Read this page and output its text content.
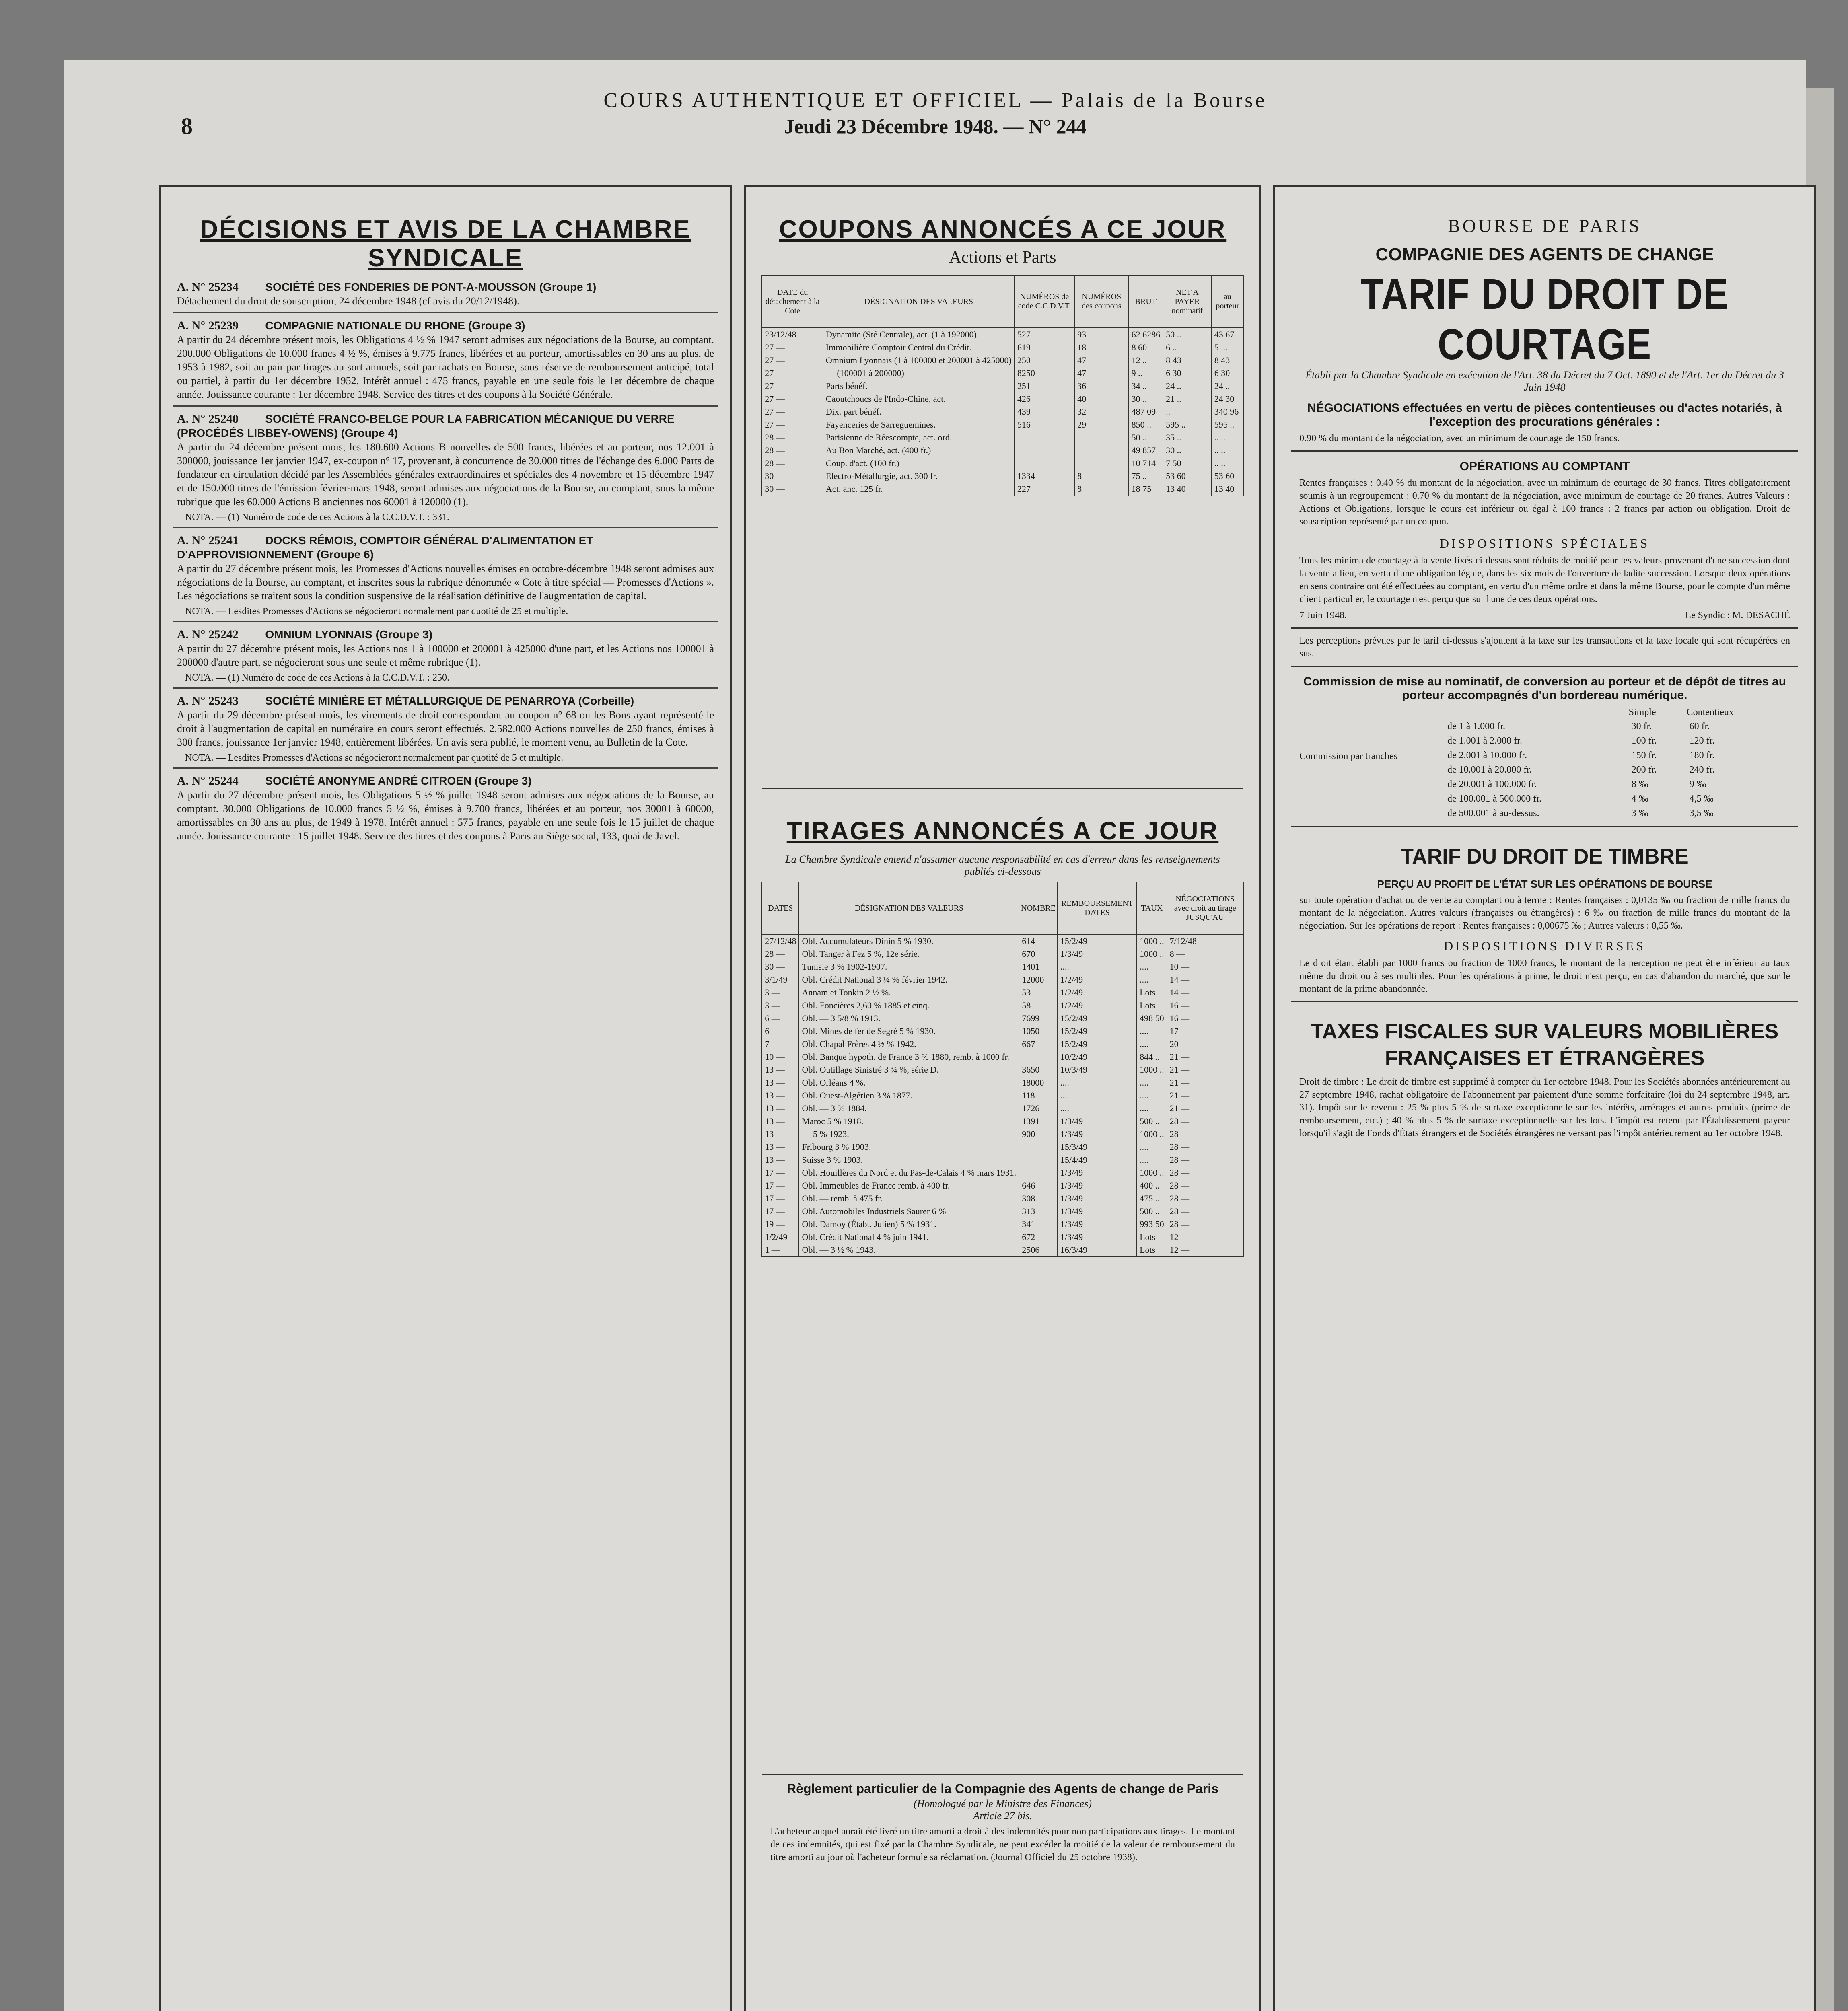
8
COURS AUTHENTIQUE ET OFFICIEL — Palais de la Bourse
Jeudi 23 Décembre 1948. — N° 244
DÉCISIONS ET AVIS DE LA CHAMBRE SYNDICALE
A. N° 25234 SOCIÉTÉ DES FONDERIES DE PONT-A-MOUSSON (Groupe 1)
Détachement du droit de souscription, 24 décembre 1948 (cf avis du 20/12/1948).
A. N° 25239 COMPAGNIE NATIONALE DU RHONE (Groupe 3)
A partir du 24 décembre présent mois, les Obligations 4 ½ % 1947 seront admises aux négociations de la Bourse, au comptant. 200.000 Obligations de 10.000 francs 4 ½ %, émises à 9.775 francs, libérées et au porteur, amortissables en 30 ans au plus, de 1953 à 1982, soit au pair par tirages au sort annuels, soit par rachats en Bourse, sous réserve de remboursement anticipé, total ou partiel, à partir du 1er décembre 1952. Intérêt annuel : 475 francs, payable en une seule fois le 1er décembre de chaque année. Jouissance courante : 1er décembre 1948. Service des titres et des coupons à la Société Générale.
A. N° 25240 SOCIÉTÉ FRANCO-BELGE POUR LA FABRICATION MÉCANIQUE DU VERRE (PROCÉDÉS LIBBEY-OWENS) (Groupe 4)
A partir du 24 décembre présent mois, les 180.600 Actions B nouvelles de 500 francs, libérées et au porteur, nos 12.001 à 300000, jouissance 1er janvier 1947, ex-coupon n° 17, provenant, à concurrence de 30.000 titres de l'échange des 6.000 Parts de fondateur en circulation décidé par les Assemblées générales extraordinaires et spéciales des 4 novembre et 15 décembre 1947 et de 150.000 titres de l'émission février-mars 1948, seront admises aux négociations de la Bourse, au comptant, sous la même rubrique que les 60.000 Actions B anciennes nos 60001 à 120000 (1).
NOTA. — (1) Numéro de code de ces Actions à la C.C.D.V.T. : 331.
A. N° 25241 DOCKS RÉMOIS, COMPTOIR GÉNÉRAL D'ALIMENTATION ET D'APPROVISIONNEMENT (Groupe 6)
A partir du 27 décembre présent mois, les Promesses d'Actions nouvelles émises en octobre-décembre 1948 seront admises aux négociations de la Bourse, au comptant, et inscrites sous la rubrique dénommée « Cote à titre spécial — Promesses d'Actions ». Les négociations se traitent sous la condition suspensive de la réalisation définitive de l'augmentation de capital.
NOTA. — Lesdites Promesses d'Actions se négocieront normalement par quotité de 25 et multiple.
A. N° 25242 OMNIUM LYONNAIS (Groupe 3)
A partir du 27 décembre présent mois, les Actions nos 1 à 100000 et 200001 à 425000 d'une part, et les Actions nos 100001 à 200000 d'autre part, se négocieront sous une seule et même rubrique (1).
NOTA. — (1) Numéro de code de ces Actions à la C.C.D.V.T. : 250.
A. N° 25243 SOCIÉTÉ MINIÈRE ET MÉTALLURGIQUE DE PENARROYA (Corbeille)
A partir du 29 décembre présent mois, les virements de droit correspondant au coupon n° 68 ou les Bons ayant représenté le droit à l'augmentation de capital en numéraire en cours seront effectués. 2.582.000 Actions nouvelles de 250 francs, émises à 300 francs, jouissance 1er janvier 1948, entièrement libérées. Un avis sera publié, le moment venu, au Bulletin de la Cote.
NOTA. — Lesdites Promesses d'Actions se négocieront normalement par quotité de 5 et multiple.
A. N° 25244 SOCIÉTÉ ANONYME ANDRÉ CITROEN (Groupe 3)
A partir du 27 décembre présent mois, les Obligations 5 ½ % juillet 1948 seront admises aux négociations de la Bourse, au comptant. 30.000 Obligations de 10.000 francs 5 ½ %, émises à 9.700 francs, libérées et au porteur, nos 30001 à 60000, amortissables en 30 ans au plus, de 1949 à 1978. Intérêt annuel : 575 francs, payable en une seule fois le 15 juillet de chaque année. Jouissance courante : 15 juillet 1948. Service des titres et des coupons à Paris au Siège social, 133, quai de Javel.
COUPONS ANNONCÉS A CE JOUR
Actions et Parts
DATE du détachement à la Cote	DÉSIGNATION DES VALEURS	NUMÉROS de code C.C.D.V.T.	NUMÉROS des coupons	BRUT	NET A PAYER nominatif	au porteur
23/12/48	Dynamite (Sté Centrale), act. (1 à 192000).	527	93	62 6286	50 ..	43 67
27 —	Immobilière Comptoir Central du Crédit.	619	18	8 60	6 ..	5 ...
27 —	Omnium Lyonnais (1 à 100000 et 200001 à 425000)	250	47	12 ..	8 43	8 43
27 —	— (100001 à 200000)	8250	47	9 ..	6 30	6 30
27 —	Parts bénéf.	251	36	34 ..	24 ..	24 ..
27 —	Caoutchoucs de l'Indo-Chine, act.	426	40	30 ..	21 ..	24 30
27 —	Dix. part bénéf.	439	32	487 09	..	340 96
27 —	Fayenceries de Sarreguemines.	516	29	850 ..	595 ..	595 ..
28 —	Parisienne de Réescompte, act. ord.			50 ..	35 ..	.. ..
28 —	Au Bon Marché, act. (400 fr.)			49 857	30 ..	.. ..
28 —	Coup. d'act. (100 fr.)			10 714	7 50	.. ..
30 —	Electro-Métallurgie, act. 300 fr.	1334	8	75 ..	53 60	53 60
30 —	Act. anc. 125 fr.	227	8	18 75	13 40	13 40
TIRAGES ANNONCÉS A CE JOUR
La Chambre Syndicale entend n'assumer aucune responsabilité en cas d'erreur dans les renseignements publiés ci-dessous
DATES	DÉSIGNATION DES VALEURS	NOMBRE	REMBOURSEMENT DATES	TAUX	NÉGOCIATIONS avec droit au tirage JUSQU'AU
27/12/48	Obl. Accumulateurs Dinin 5 % 1930.	614	15/2/49	1000 ..	7/12/48
28 —	Obl. Tanger à Fez 5 %, 12e série.	670	1/3/49	1000 ..	8 —
30 —	Tunisie 3 % 1902-1907.	1401	....	....	10 —
3/1/49	Obl. Crédit National 3 ¼ % février 1942.	12000	1/2/49	....	14 —
3 —	Annam et Tonkin 2 ½ %.	53	1/2/49	Lots	14 —
3 —	Obl. Foncières 2,60 % 1885 et cinq.	58	1/2/49	Lots	16 —
6 —	Obl. — 3 5/8 % 1913.	7699	15/2/49	498 50	16 —
6 —	Obl. Mines de fer de Segré 5 % 1930.	1050	15/2/49	....	17 —
7 —	Obl. Chapal Frères 4 ½ % 1942.	667	15/2/49	....	20 —
10 —	Obl. Banque hypoth. de France 3 % 1880, remb. à 1000 fr.		10/2/49	844 ..	21 —
13 —	Obl. Outillage Sinistré 3 ¾ %, série D.	3650	10/3/49	1000 ..	21 —
13 —	Obl. Orléans 4 %.	18000	....	....	21 —
13 —	Obl. Ouest-Algérien 3 % 1877.	118	....	....	21 —
13 —	Obl. — 3 % 1884.	1726	....	....	21 —
13 —	Maroc 5 % 1918.	1391	1/3/49	500 ..	28 —
13 —	— 5 % 1923.	900	1/3/49	1000 ..	28 —
13 —	Fribourg 3 % 1903.		15/3/49	....	28 —
13 —	Suisse 3 % 1903.		15/4/49	....	28 —
17 —	Obl. Houillères du Nord et du Pas-de-Calais 4 % mars 1931.		1/3/49	1000 ..	28 —
17 —	Obl. Immeubles de France remb. à 400 fr.	646	1/3/49	400 ..	28 —
17 —	Obl. — remb. à 475 fr.	308	1/3/49	475 ..	28 —
17 —	Obl. Automobiles Industriels Saurer 6 %	313	1/3/49	500 ..	28 —
19 —	Obl. Damoy (Étabt. Julien) 5 % 1931.	341	1/3/49	993 50	28 —
1/2/49	Obl. Crédit National 4 % juin 1941.	672	1/3/49	Lots	12 —
1 —	Obl. — 3 ½ % 1943.	2506	16/3/49	Lots	12 —
Règlement particulier de la Compagnie des Agents de change de Paris
(Homologué par le Ministre des Finances)
Article 27 bis.
L'acheteur auquel aurait été livré un titre amorti a droit à des indemnités pour non participations aux tirages. Le montant de ces indemnités, qui est fixé par la Chambre Syndicale, ne peut excéder la moitié de la valeur de remboursement du titre amorti au jour où l'acheteur formule sa réclamation. (Journal Officiel du 25 octobre 1938).
BOURSE DE PARIS
COMPAGNIE DES AGENTS DE CHANGE
TARIF DU DROIT DE COURTAGE
Établi par la Chambre Syndicale en exécution de l'Art. 38 du Décret du 7 Oct. 1890 et de l'Art. 1er du Décret du 3 Juin 1948
NÉGOCIATIONS effectuées en vertu de pièces contentieuses ou d'actes notariés, à l'exception des procurations générales :
0.90 % du montant de la négociation, avec un minimum de courtage de 150 francs.
OPÉRATIONS AU COMPTANT
Rentes françaises : 0.40 % du montant de la négociation, avec un minimum de courtage de 30 francs. Titres obligatoirement soumis à un regroupement : 0.70 % du montant de la négociation, avec minimum de courtage de 20 francs. Autres Valeurs : Actions et Obligations, lorsque le cours est inférieur ou égal à 100 francs : 2 francs par action ou obligation. Droit de souscription représenté par un coupon.
DISPOSITIONS SPÉCIALES
Tous les minima de courtage à la vente fixés ci-dessus sont réduits de moitié pour les valeurs provenant d'une succession dont la vente a lieu, en vertu d'une obligation légale, dans les six mois de l'ouverture de ladite succession. Lorsque deux opérations en sens contraire ont été effectuées au comptant, en vertu d'un même ordre et dans la même Bourse, pour le compte d'un même client particulier, le courtage n'est perçu que sur l'une de ces deux opérations.
7 Juin 1948.	Le Syndic : M. DESACHÉ
Les perceptions prévues par le tarif ci-dessus s'ajoutent à la taxe sur les transactions et la taxe locale qui sont récupérées en sus.
Commission de mise au nominatif, de conversion au porteur et de dépôt de titres au porteur accompagnés d'un bordereau numérique.
Commission par tranches
	Simple	Contentieux
de 1 à 1.000 fr.	30 fr.	60 fr.
de 1.001 à 2.000 fr.	100 fr.	120 fr.
de 2.001 à 10.000 fr.	150 fr.	180 fr.
de 10.001 à 20.000 fr.	200 fr.	240 fr.
de 20.001 à 100.000 fr.	8 ‰	9 ‰
de 100.001 à 500.000 fr.	4 ‰	4,5 ‰
de 500.001 à au-dessus.	3 ‰	3,5 ‰
TARIF DU DROIT DE TIMBRE
PERÇU AU PROFIT DE L'ÉTAT SUR LES OPÉRATIONS DE BOURSE
sur toute opération d'achat ou de vente au comptant ou à terme : Rentes françaises : 0,0135 ‰ ou fraction de mille francs du montant de la négociation. Autres valeurs (françaises ou étrangères) : 6 ‰ ou fraction de mille francs du montant de la négociation. Sur les opérations de report : Rentes françaises : 0,00675 ‰ ; Autres valeurs : 0,55 ‰.
DISPOSITIONS DIVERSES
Le droit étant établi par 1000 francs ou fraction de 1000 francs, le montant de la perception ne peut être inférieur au taux même du droit ou à ses multiples. Pour les opérations à prime, le droit n'est perçu, en cas d'abandon du marché, que sur le montant de la prime abandonnée.
TAXES FISCALES SUR VALEURS MOBILIÈRES FRANÇAISES ET ÉTRANGÈRES
Droit de timbre : Le droit de timbre est supprimé à compter du 1er octobre 1948. Pour les Sociétés abonnées antérieurement au 27 septembre 1948, rachat obligatoire de l'abonnement par paiement d'une somme forfaitaire (loi du 24 septembre 1948, art. 31). Impôt sur le revenu : 25 % plus 5 % de surtaxe exceptionnelle sur les intérêts, arrérages et autres produits (prime de remboursement, etc.) ; 40 % plus 5 % de surtaxe exceptionnelle sur les lots. L'impôt est retenu par l'Établissement payeur lorsqu'il s'agit de Fonds d'États étrangers et de Sociétés étrangères ne versant pas l'impôt antérieurement au 1er octobre 1948.
